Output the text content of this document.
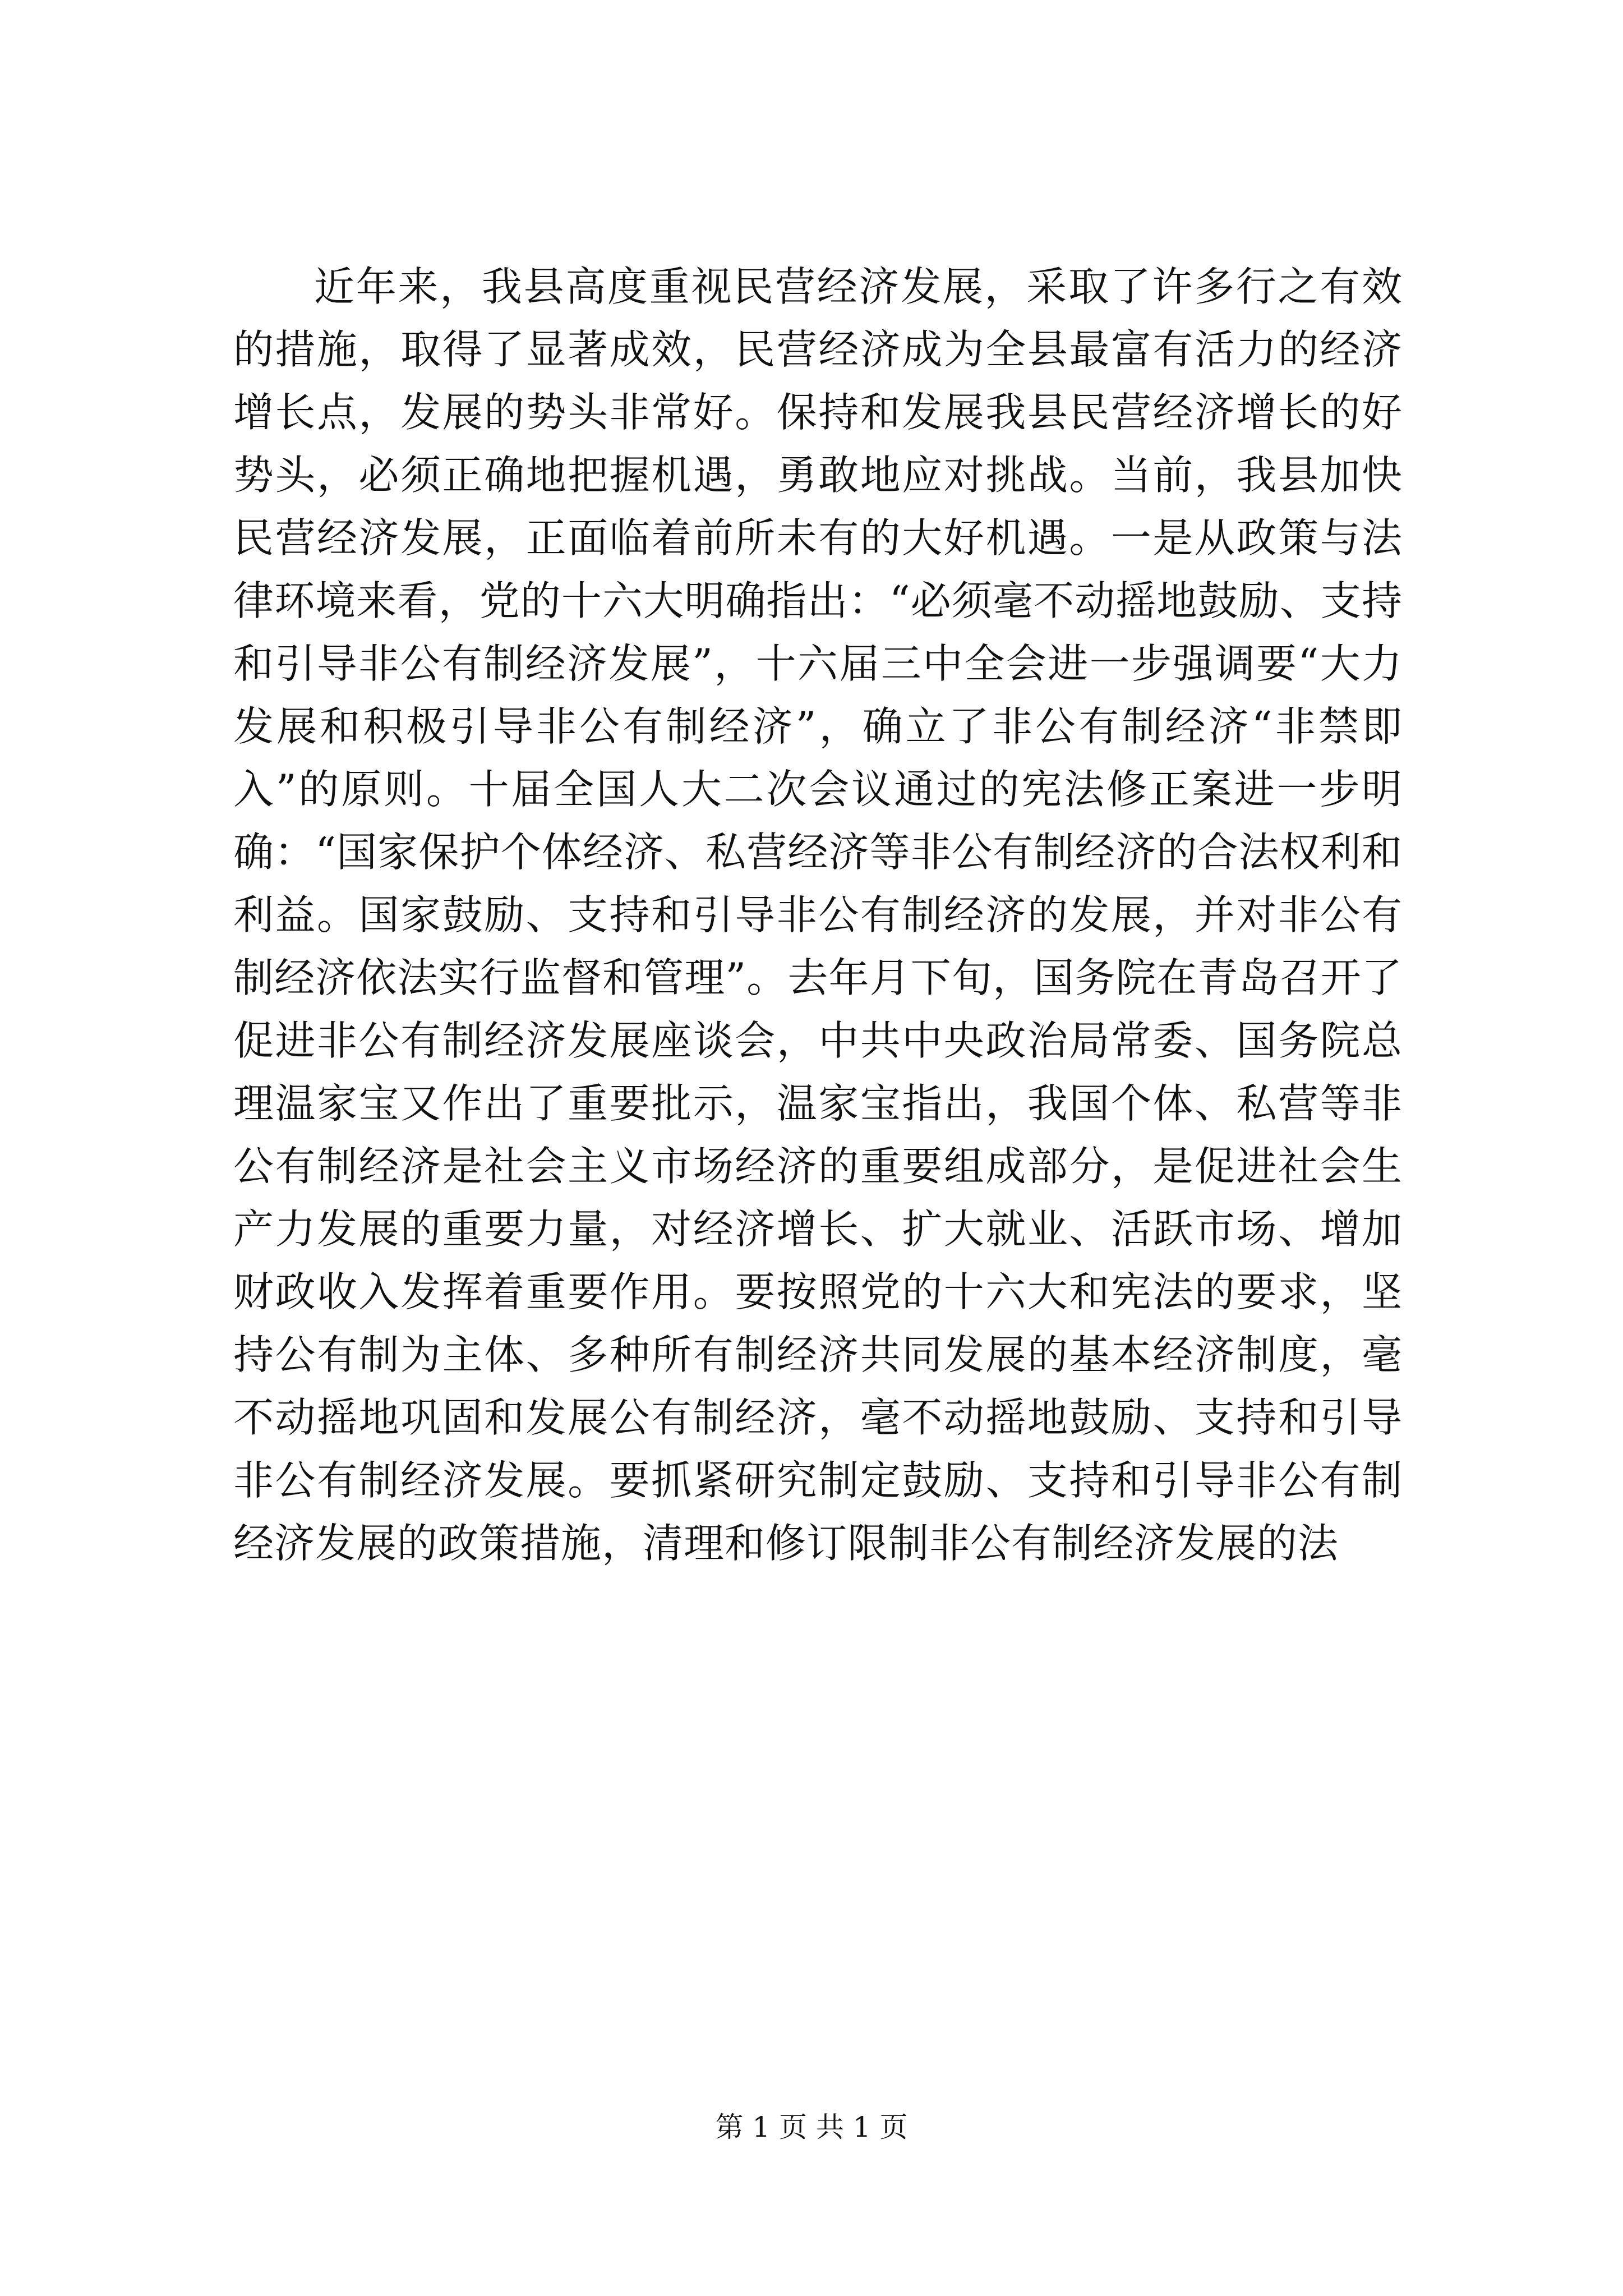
近年来，我县高度重视民营经济发展，采取了许多行之有效的措施，取得了显著成效，民营经济成为全县最富有活力的经济增长点，发展的势头非常好。保持和发展我县民营经济增长的好势头，必须正确地把握机遇，勇敢地应对挑战。当前，我县加快民营经济发展，正面临着前所未有的大好机遇。一是从政策与法律环境来看，党的十六大明确指出：“必须毫不动摇地鼓励、支持和引导非公有制经济发展”，十六届三中全会进一步强调要“大力发展和积极引导非公有制经济”，确立了非公有制经济“非禁即入”的原则。十届全国人大二次会议通过的宪法修正案进一步明确：“国家保护个体经济、私营经济等非公有制经济的合法权利和利益。国家鼓励、支持和引导非公有制经济的发展，并对非公有制经济依法实行监督和管理”。去年月下旬，国务院在青岛召开了促进非公有制经济发展座谈会，中共中央政治局常委、国务院总理温家宝又作出了重要批示，温家宝指出，我国个体、私营等非公有制经济是社会主义市场经济的重要组成部分，是促进社会生产力发展的重要力量，对经济增长、扩大就业、活跃市场、增加财政收入发挥着重要作用。要按照党的十六大和宪法的要求，坚持公有制为主体、多种所有制经济共同发展的基本经济制度，毫不动摇地巩固和发展公有制经济，毫不动摇地鼓励、支持和引导非公有制经济发展。要抓紧研究制定鼓励、支持和引导非公有制经济发展的政策措施，清理和修订限制非公有制经济发展的法

第 1 页 共 1 页
